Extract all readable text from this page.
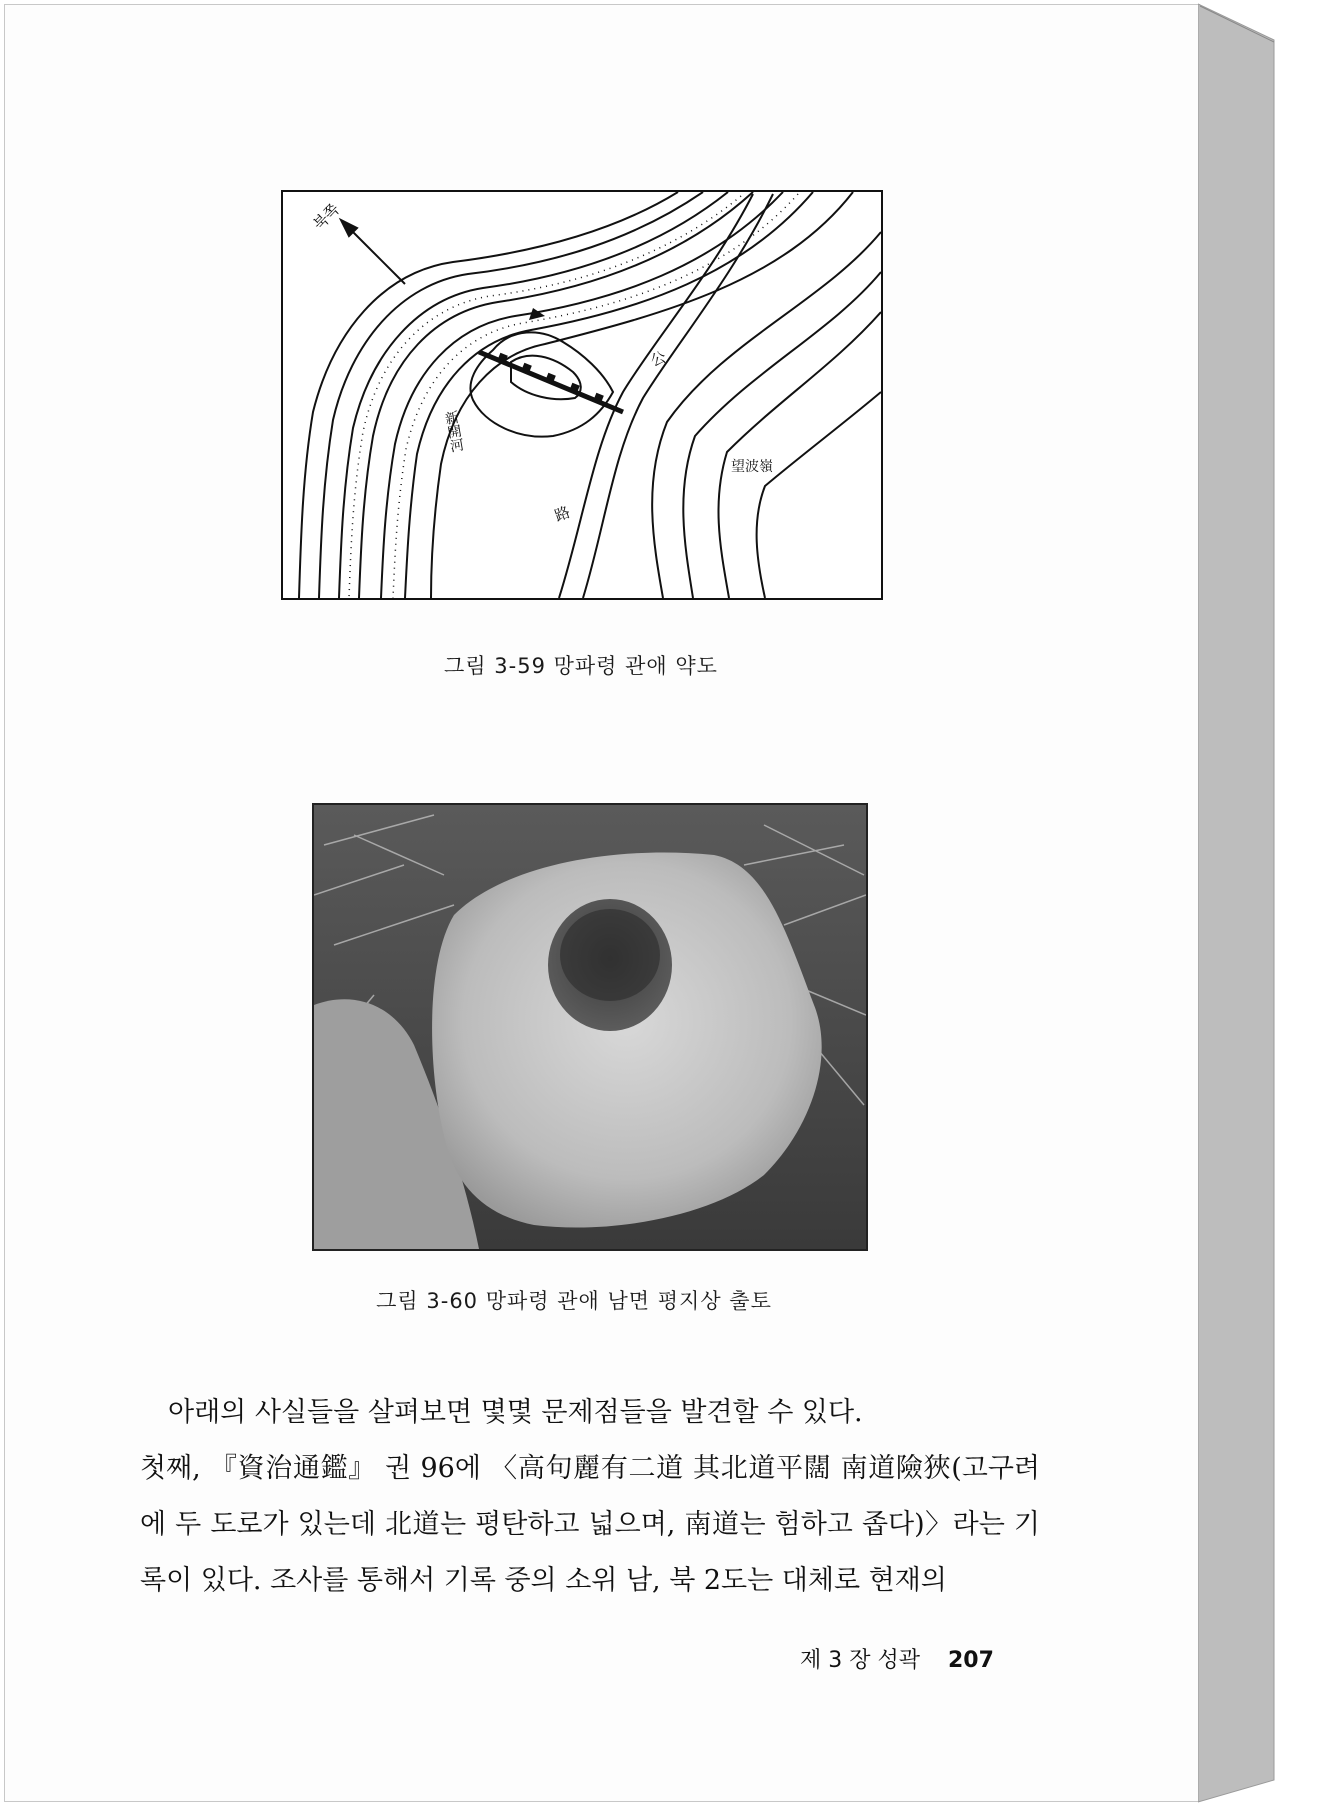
북쪽
新開河
公
路
望波嶺
그림 3-59 망파령 관애 약도
그림 3-60 망파령 관애 남면 평지상 출토

아래의 사실들을 살펴보면 몇몇 문제점들을 발견할 수 있다.

첫째, 『資治通鑑』 권 96에 〈高句麗有二道 其北道平闊 南道險狹(고구려에 두 도로가 있는데 北道는 평탄하고 넓으며, 南道는 험하고 좁다)〉라는 기록이 있다. 조사를 통해서 기록 중의 소위 남, 북 2도는 대체로 현재의

제 3 장 성곽 207
